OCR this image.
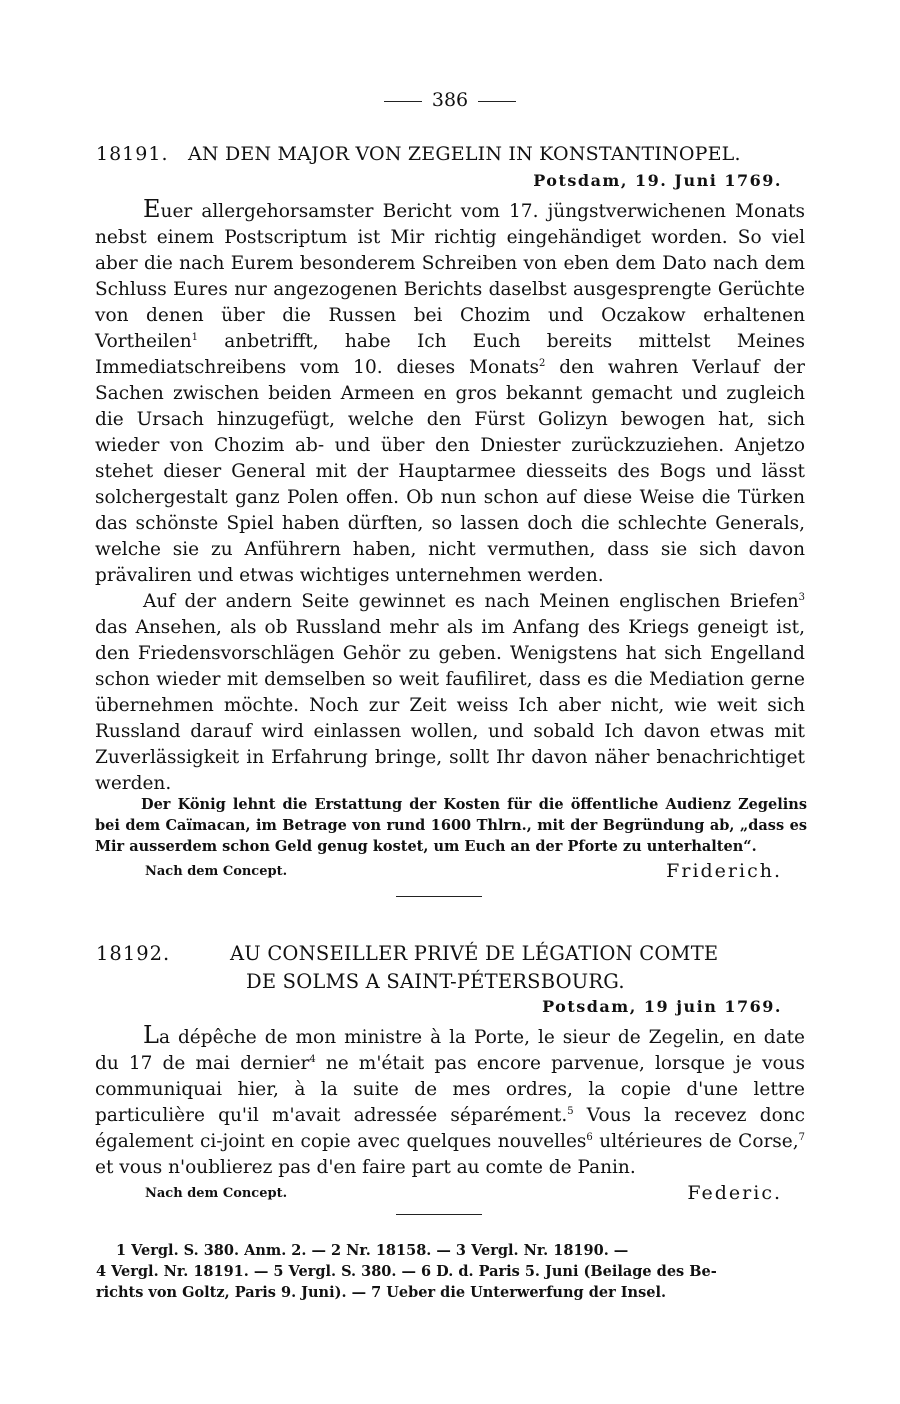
386
18191. AN DEN MAJOR VON ZEGELIN IN KONSTANTINOPEL.
Potsdam, 19. Juni 1769.

Euer allergehorsamster Bericht vom 17. jüngstverwichenen Monats nebst einem Postscriptum ist Mir richtig eingehändiget worden. So viel aber die nach Eurem besonderem Schreiben von eben dem Dato nach dem Schluss Eures nur angezogenen Berichts daselbst ausgesprengte Gerüchte von denen über die Russen bei Chozim und Oczakow erhaltenen Vortheilen$^1$ anbetrifft, habe Ich Euch bereits mittelst Meines Immediatschreibens vom 10. dieses Monats$^2$ den wahren Verlauf der Sachen zwischen beiden Armeen en gros bekannt gemacht und zugleich die Ursach hinzugefügt, welche den Fürst Golizyn bewogen hat, sich wieder von Chozim ab- und über den Dniester zurückzuziehen. Anjetzo stehet dieser General mit der Hauptarmee diesseits des Bogs und lässt solchergestalt ganz Polen offen. Ob nun schon auf diese Weise die Türken das schönste Spiel haben dürften, so lassen doch die schlechte Generals, welche sie zu Anführern haben, nicht vermuthen, dass sie sich davon prävaliren und etwas wichtiges unternehmen werden.

Auf der andern Seite gewinnet es nach Meinen englischen Briefen$^3$ das Ansehen, als ob Russland mehr als im Anfang des Kriegs geneigt ist, den Friedensvorschlägen Gehör zu geben. Wenigstens hat sich Engelland schon wieder mit demselben so weit faufiliret, dass es die Mediation gerne übernehmen möchte. Noch zur Zeit weiss Ich aber nicht, wie weit sich Russland darauf wird einlassen wollen, und sobald Ich davon etwas mit Zuverlässigkeit in Erfahrung bringe, sollt Ihr davon näher benachrichtiget werden.

Der König lehnt die Erstattung der Kosten für die öffentliche Audienz Zegelins bei dem Caïmacan, im Betrage von rund 1600 Thlrn., mit der Begründung ab, „dass es Mir ausserdem schon Geld genug kostet, um Euch an der Pforte zu unterhalten“.
Nach dem Concept.	Friderich.
18192.	AU CONSEILLER PRIVÉ DE LÉGATION COMTE
DE SOLMS A SAINT-PÉTERSBOURG.
Potsdam, 19 juin 1769.

La dépêche de mon ministre à la Porte, le sieur de Zegelin, en date du 17 de mai dernier$^4$ ne m'était pas encore parvenue, lorsque je vous communiquai hier, à la suite de mes ordres, la copie d'une lettre particulière qu'il m'avait adressée séparément.$^5$ Vous la recevez donc également ci-joint en copie avec quelques nouvelles$^6$ ultérieures de Corse,$^7$ et vous n'oublierez pas d'en faire part au comte de Panin.

Nach dem Concept.	Federic.
1 Vergl. S. 380. Anm. 2. — 2 Nr. 18158. — 3 Vergl. Nr. 18190. —
4 Vergl. Nr. 18191. — 5 Vergl. S. 380. — 6 D. d. Paris 5. Juni (Beilage des Be-
richts von Goltz, Paris 9. Juni). — 7 Ueber die Unterwerfung der Insel.
